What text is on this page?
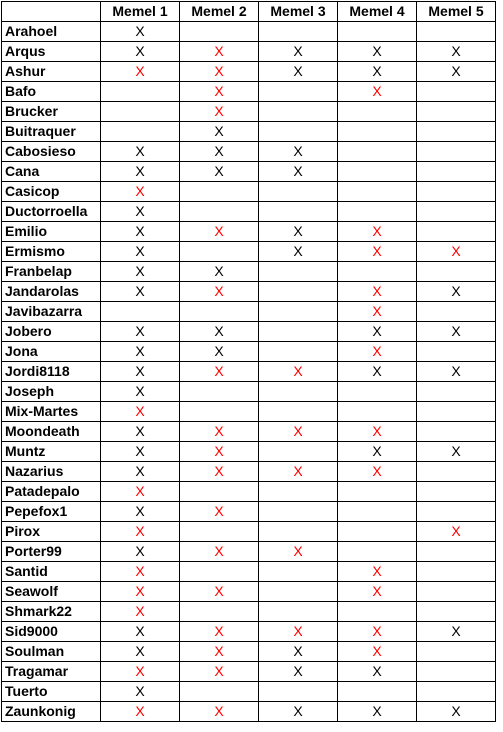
	Memel 1	Memel 2	Memel 3	Memel 4	Memel 5
Arahoel	X				
Arqus	X	X	X	X	X
Ashur	X	X	X	X	X
Bafo		X		X	
Brucker		X			
Buitraquer		X			
Cabosieso	X	X	X		
Cana	X	X	X		
Casicop	X				
Ductorroella	X				
Emilio	X	X	X	X	
Ermismo	X		X	X	X
Franbelap	X	X			
Jandarolas	X	X		X	X
Javibazarra				X	
Jobero	X	X		X	X
Jona	X	X		X	
Jordi8118	X	X	X	X	X
Joseph	X				
Mix-Martes	X				
Moondeath	X	X	X	X	
Muntz	X	X		X	X
Nazarius	X	X	X	X	
Patadepalo	X				
Pepefox1	X	X			
Pirox	X				X
Porter99	X	X	X		
Santid	X			X	
Seawolf	X	X		X	
Shmark22	X				
Sid9000	X	X	X	X	X
Soulman	X	X	X	X	
Tragamar	X	X	X	X	
Tuerto	X				
Zaunkonig	X	X	X	X	X
